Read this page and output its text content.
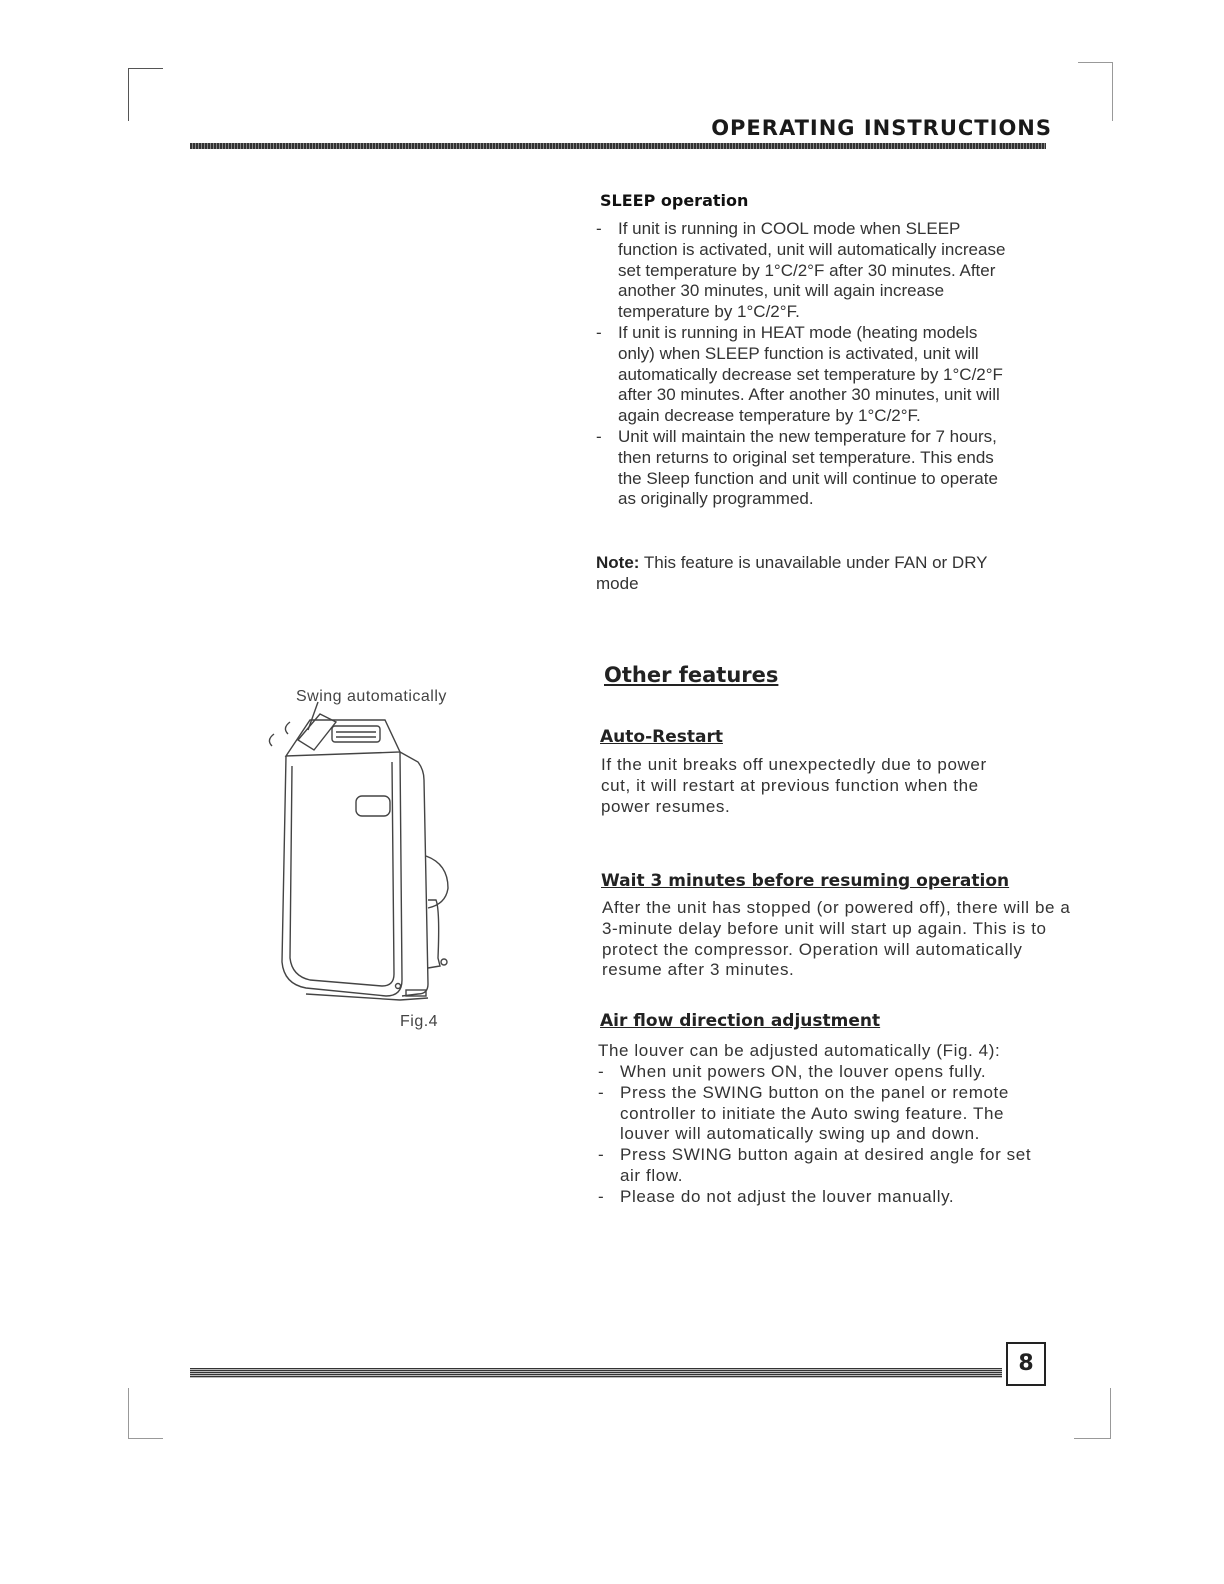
OPERATING INSTRUCTIONS
SLEEP operation
- If unit is running in COOL mode when SLEEP function is activated, unit will automatically increase set temperature by 1°C/2°F after 30 minutes. After another 30 minutes, unit will again increase temperature by 1°C/2°F.
- If unit is running in HEAT mode (heating models only) when SLEEP function is activated, unit will automatically decrease set temperature by 1°C/2°F after 30 minutes. After another 30 minutes, unit will again decrease temperature by 1°C/2°F.
- Unit will maintain the new temperature for 7 hours, then returns to original set temperature. This ends the Sleep function and unit will continue to operate as originally programmed.
Note: This feature is unavailable under FAN or DRY mode
Other features
Auto-Restart
If the unit breaks off unexpectedly due to power cut, it will restart at previous function when the power resumes.
Wait 3 minutes before resuming operation
After the unit has stopped (or powered off), there will be a 3-minute delay before unit will start up again. This is to protect the compressor. Operation will automatically resume after 3 minutes.
Air flow direction adjustment
The louver can be adjusted automatically (Fig. 4):
- When unit powers ON, the louver opens fully.
- Press the SWING button on the panel or remote controller to initiate the Auto swing feature. The louver will automatically swing up and down.
- Press SWING button again at desired angle for set air flow.
- Please do not adjust the louver manually.
Swing automatically
Fig.4
8
